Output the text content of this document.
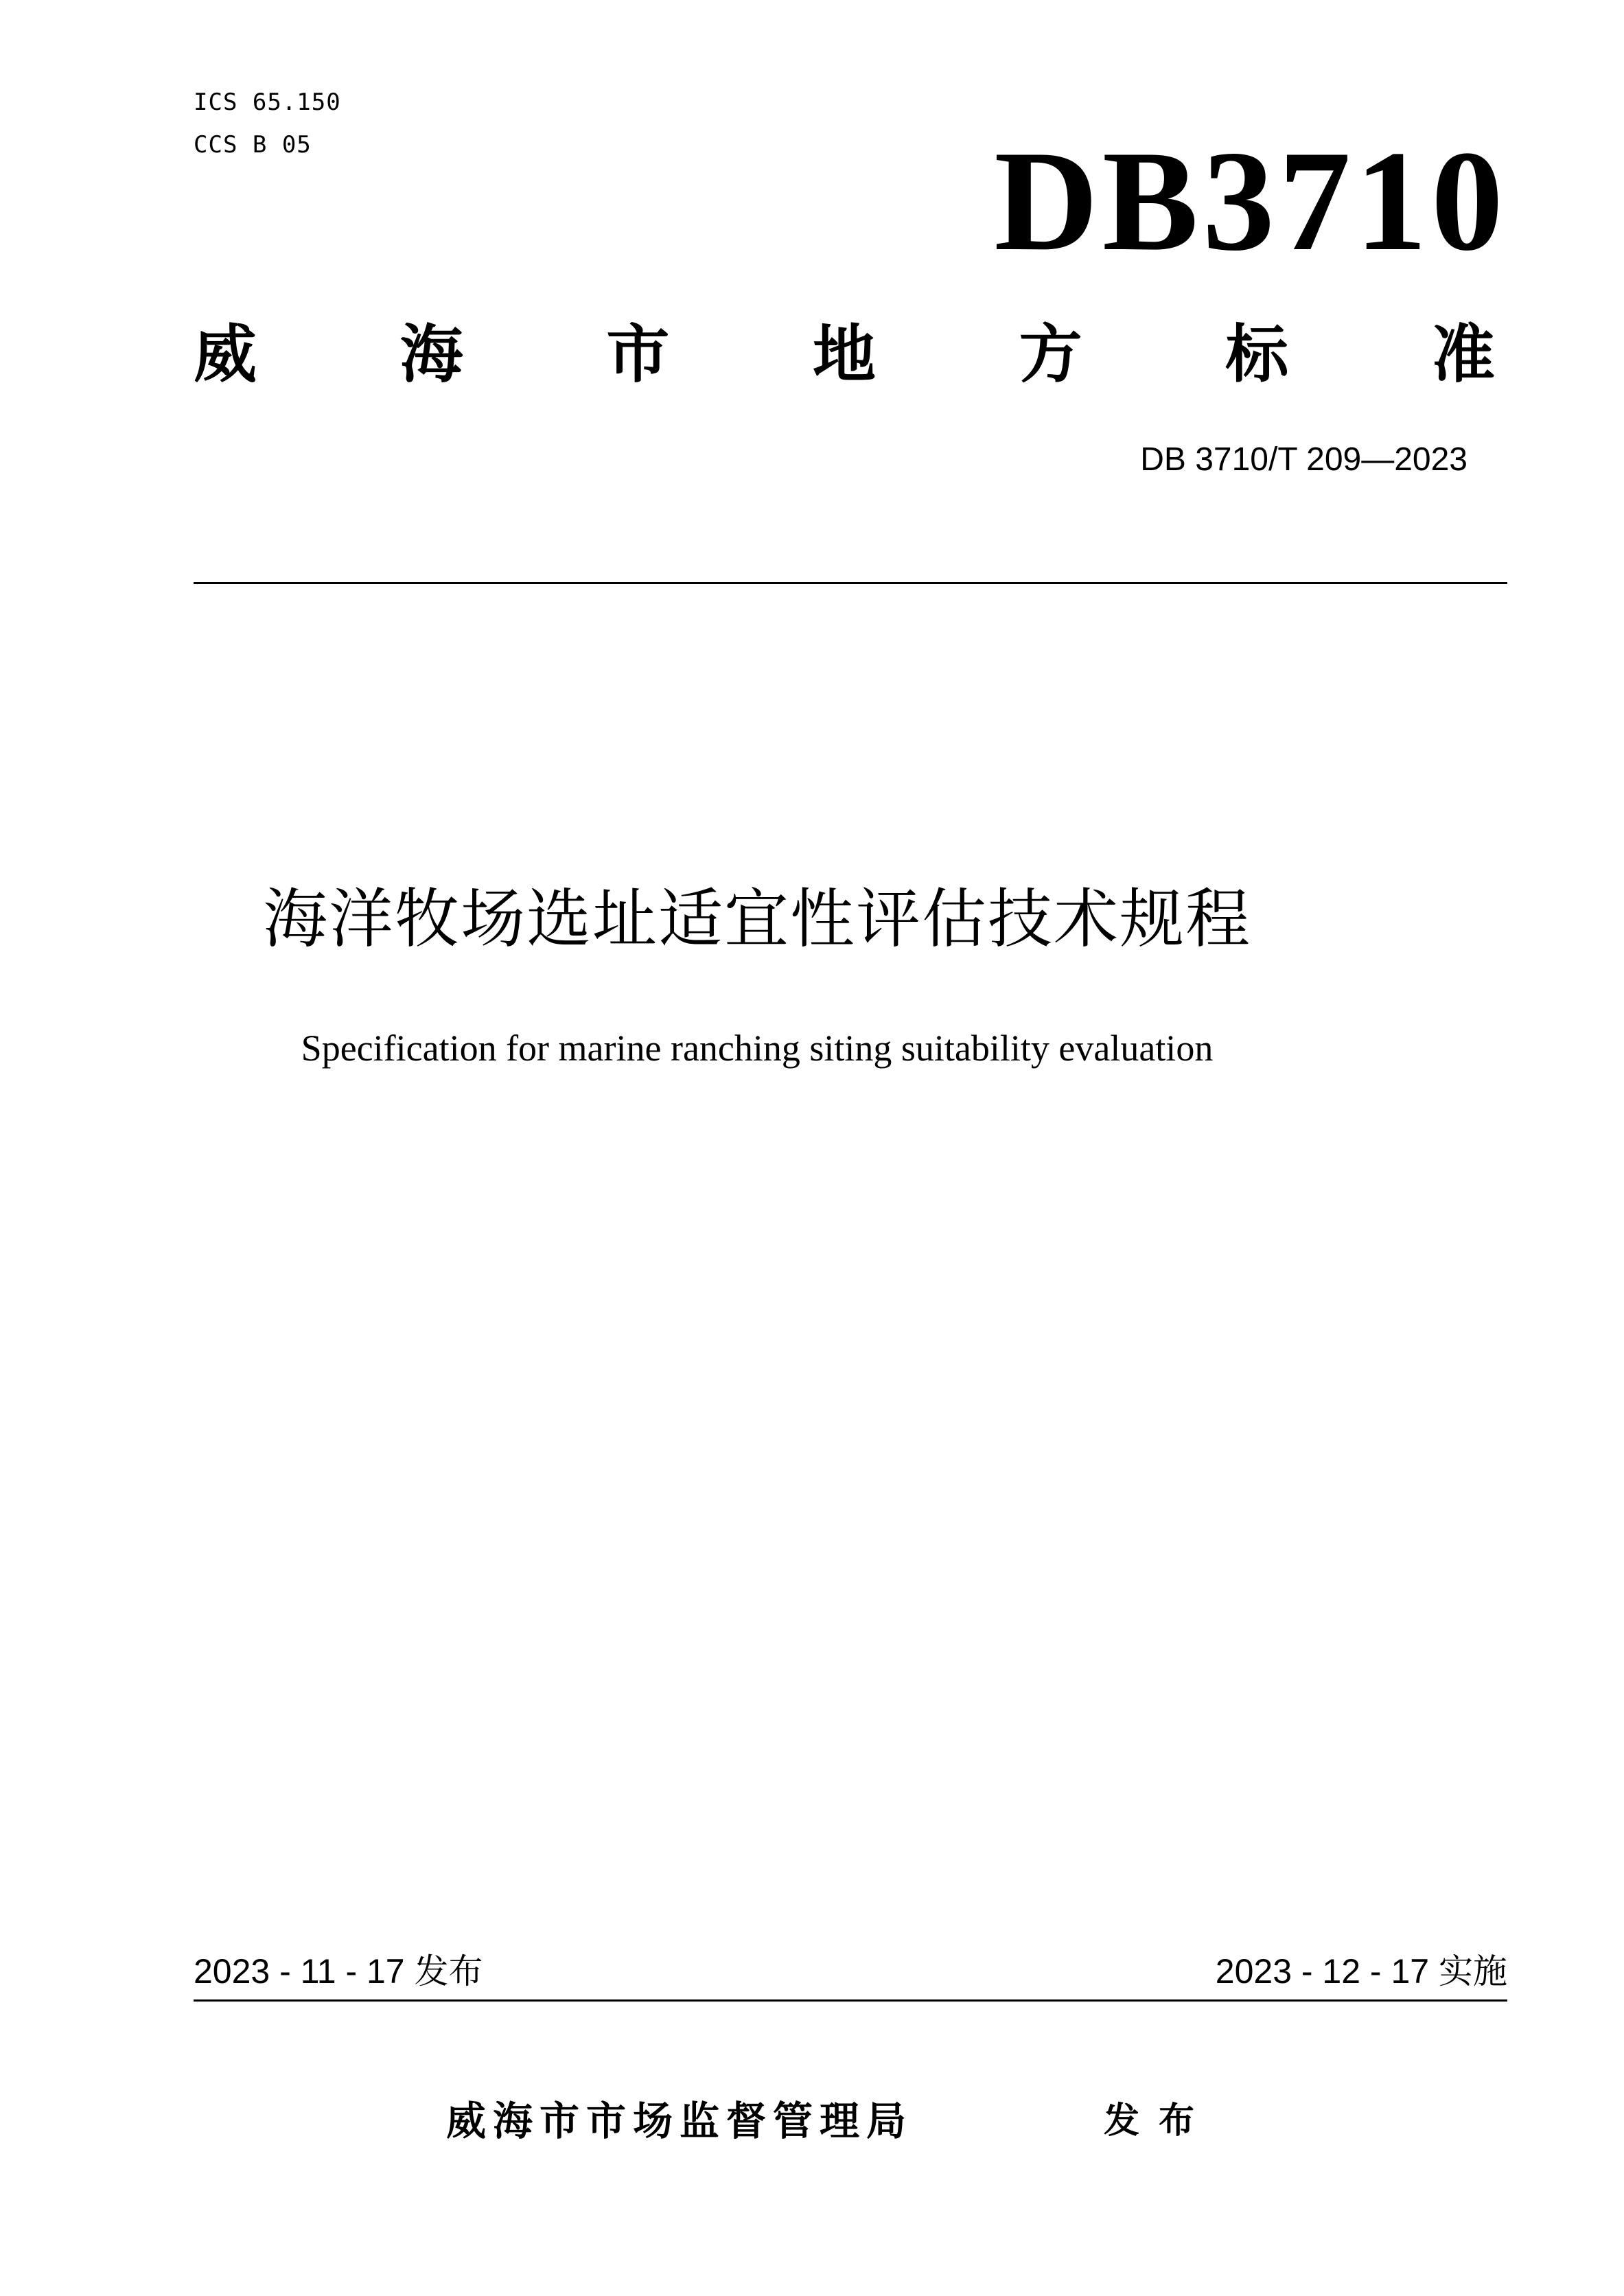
ICS 65.150
CCS B 05	DB3710
威 海 市 地 方 标 准
DB 3710/T 209—2023
海洋牧场选址适宜性评估技术规程
Specification for marine ranching siting suitability evaluation
2023 - 11 - 17 发布	2023 - 12 - 17 实施
威海市市场监督管理局	发布
